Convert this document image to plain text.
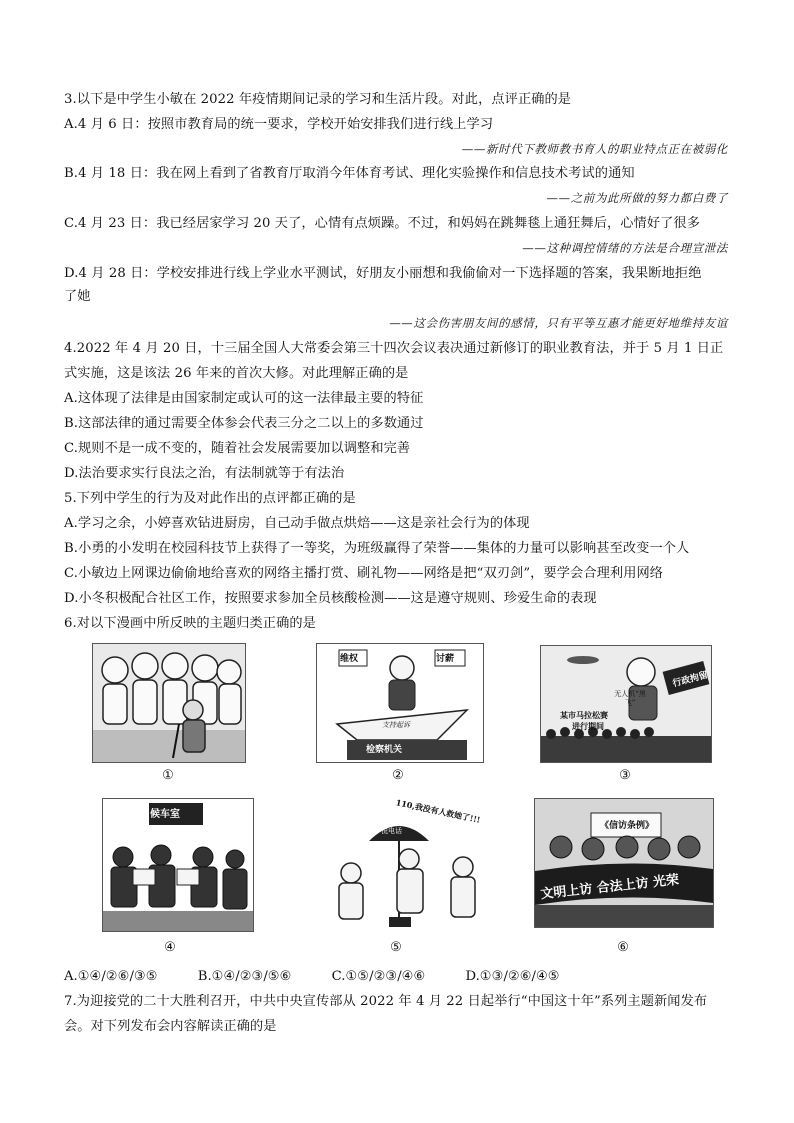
3.以下是中学生小敏在 2022 年疫情期间记录的学习和生活片段。对此，点评正确的是
A.4 月 6 日：按照市教育局的统一要求，学校开始安排我们进行线上学习
——新时代下教师教书育人的职业特点正在被弱化
B.4 月 18 日：我在网上看到了省教育厅取消今年体育考试、理化实验操作和信息技术考试的通知
——之前为此所做的努力都白费了
C.4 月 23 日：我已经居家学习 20 天了，心情有点烦躁。不过，和妈妈在跳舞毯上通狂舞后，心情好了很多
——这种调控情绪的方法是合理宣泄法
D.4 月 28 日：学校安排进行线上学业水平测试，好朋友小丽想和我偷偷对一下选择题的答案，我果断地拒绝
了她
——这会伤害朋友间的感情，只有平等互惠才能更好地维持友谊
4.2022 年 4 月 20 日，十三届全国人大常委会第三十四次会议表决通过新修订的职业教育法，并于 5 月 1 日正
式实施，这是该法 26 年来的首次大修。对此理解正确的是
A.这体现了法律是由国家制定或认可的这一法律最主要的特征
B.这部法律的通过需要全体参会代表三分之二以上的多数通过
C.规则不是一成不变的，随着社会发展需要加以调整和完善
D.法治要求实行良法之治，有法制就等于有法治
5.下列中学生的行为及对此作出的点评都正确的是
A.学习之余，小婷喜欢钻进厨房，自己动手做点烘焙——这是亲社会行为的体现
B.小勇的小发明在校园科技节上获得了一等奖，为班级赢得了荣誉——集体的力量可以影响甚至改变一个人
C.小敏边上网课边偷偷地给喜欢的网络主播打赏、刷礼物——网络是把“双刃剑”，要学会合理利用网络
D.小冬积极配合社区工作，按照要求参加全员核酸检测——这是遵守规则、珍爱生命的表现
6.对以下漫画中所反映的主题归类正确的是
①
维权	讨薪
支持起诉
检察机关
②
行政拘留
无人机“黑飞”
某市马拉松赛
进行期间
③
候车室
④
110,我没有人救她了!!!
小悦电话
⑤
《信访条例》
文明上访 合法上访 光荣
⑥
A.①④/②⑥/③⑤	B.①④/②③/⑤⑥	C.①⑤/②③/④⑥	D.①③/②⑥/④⑤
7.为迎接党的二十大胜利召开，中共中央宣传部从 2022 年 4 月 22 日起举行“中国这十年”系列主题新闻发布
会。对下列发布会内容解读正确的是
